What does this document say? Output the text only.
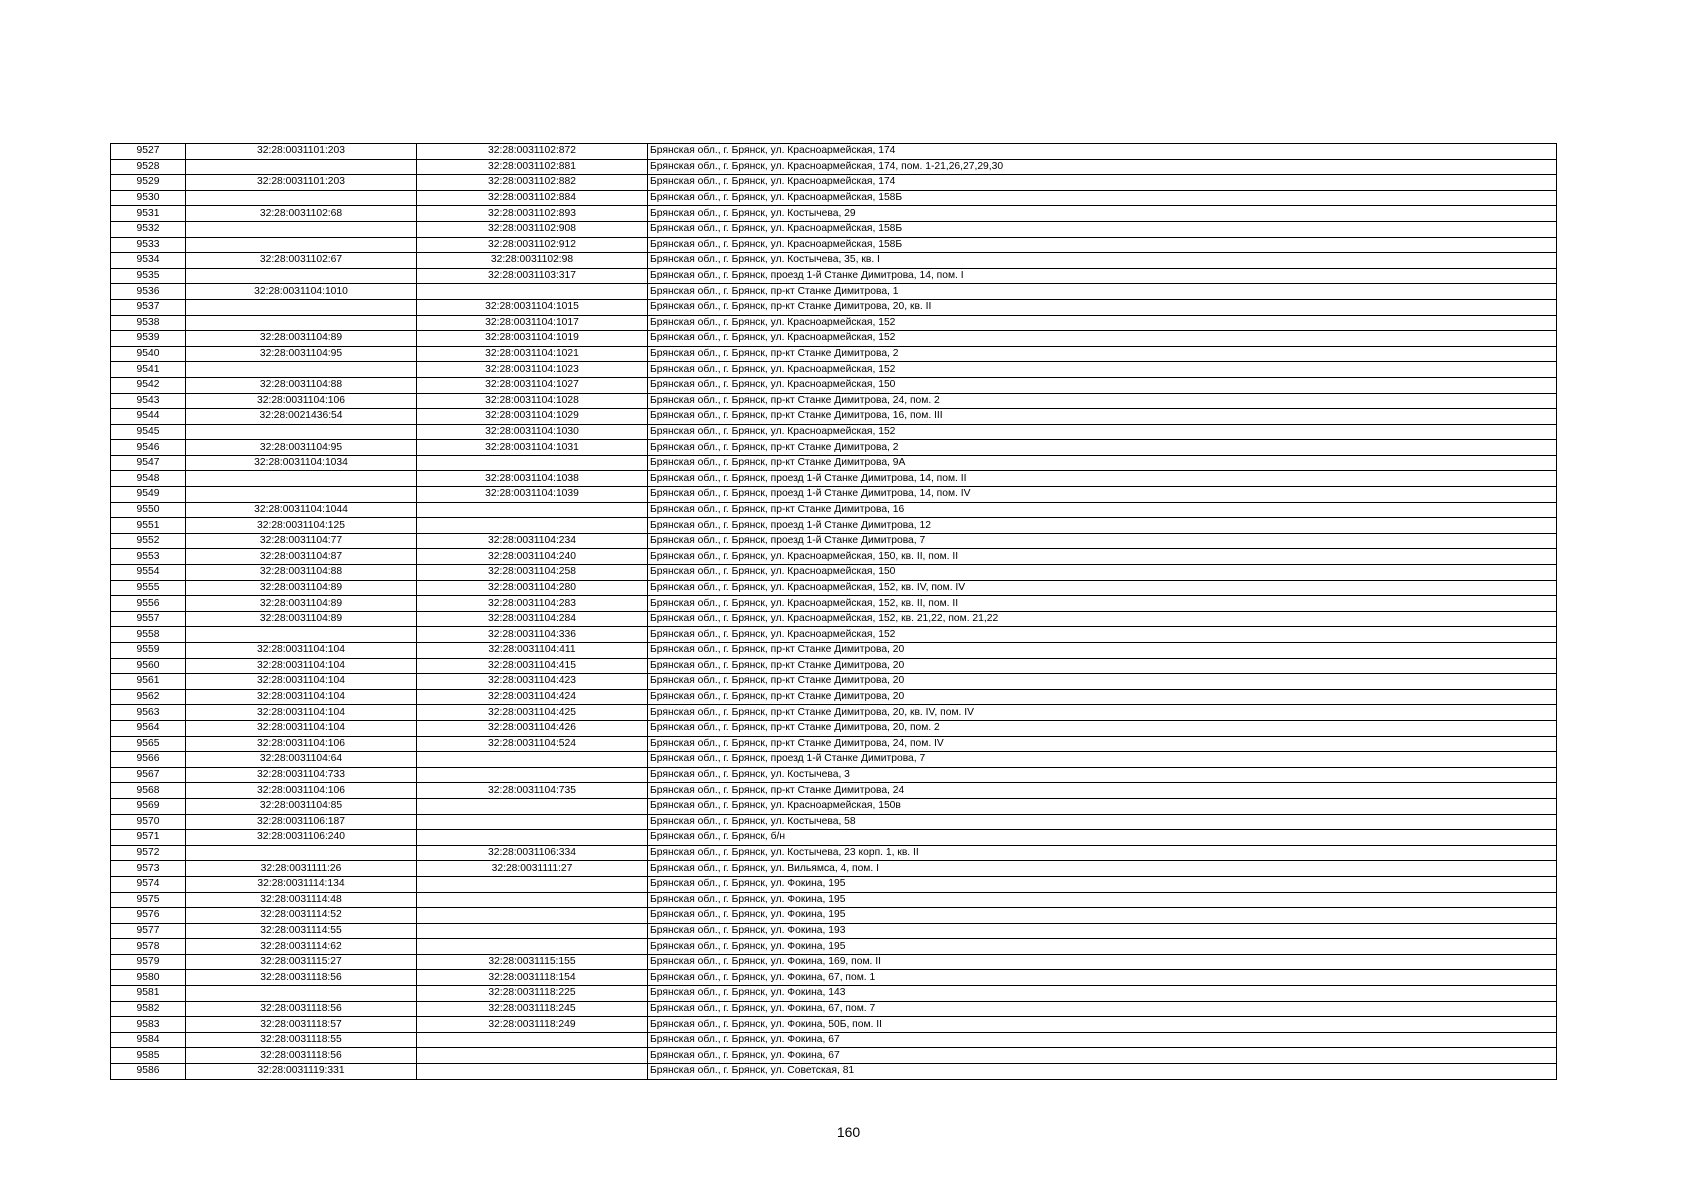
9527	32:28:0031101:203	32:28:0031102:872	Брянская обл., г. Брянск, ул. Красноармейская, 174
9528		32:28:0031102:881	Брянская обл., г. Брянск, ул. Красноармейская, 174, пом. 1-21,26,27,29,30
9529	32:28:0031101:203	32:28:0031102:882	Брянская обл., г. Брянск, ул. Красноармейская, 174
9530		32:28:0031102:884	Брянская обл., г. Брянск, ул. Красноармейская, 158Б
9531	32:28:0031102:68	32:28:0031102:893	Брянская обл., г. Брянск, ул. Костычева, 29
9532		32:28:0031102:908	Брянская обл., г. Брянск, ул. Красноармейская, 158Б
9533		32:28:0031102:912	Брянская обл., г. Брянск, ул. Красноармейская, 158Б
9534	32:28:0031102:67	32:28:0031102:98	Брянская обл., г. Брянск, ул. Костычева, 35, кв. I
9535		32:28:0031103:317	Брянская обл., г. Брянск, проезд 1-й Станке Димитрова, 14, пом. I
9536	32:28:0031104:1010		Брянская обл., г. Брянск, пр-кт Станке Димитрова, 1
9537		32:28:0031104:1015	Брянская обл., г. Брянск, пр-кт Станке Димитрова, 20, кв. II
9538		32:28:0031104:1017	Брянская обл., г. Брянск, ул. Красноармейская, 152
9539	32:28:0031104:89	32:28:0031104:1019	Брянская обл., г. Брянск, ул. Красноармейская, 152
9540	32:28:0031104:95	32:28:0031104:1021	Брянская обл., г. Брянск, пр-кт Станке Димитрова, 2
9541		32:28:0031104:1023	Брянская обл., г. Брянск, ул. Красноармейская, 152
9542	32:28:0031104:88	32:28:0031104:1027	Брянская обл., г. Брянск, ул. Красноармейская, 150
9543	32:28:0031104:106	32:28:0031104:1028	Брянская обл., г. Брянск, пр-кт Станке Димитрова, 24, пом. 2
9544	32:28:0021436:54	32:28:0031104:1029	Брянская обл., г. Брянск, пр-кт Станке Димитрова, 16, пом. III
9545		32:28:0031104:1030	Брянская обл., г. Брянск, ул. Красноармейская, 152
9546	32:28:0031104:95	32:28:0031104:1031	Брянская обл., г. Брянск, пр-кт Станке Димитрова, 2
9547	32:28:0031104:1034		Брянская обл., г. Брянск, пр-кт Станке Димитрова, 9А
9548		32:28:0031104:1038	Брянская обл., г. Брянск, проезд 1-й Станке Димитрова, 14, пом. II
9549		32:28:0031104:1039	Брянская обл., г. Брянск, проезд 1-й Станке Димитрова, 14, пом. IV
9550	32:28:0031104:1044		Брянская обл., г. Брянск, пр-кт Станке Димитрова, 16
9551	32:28:0031104:125		Брянская обл., г. Брянск, проезд 1-й Станке Димитрова, 12
9552	32:28:0031104:77	32:28:0031104:234	Брянская обл., г. Брянск, проезд 1-й Станке Димитрова, 7
9553	32:28:0031104:87	32:28:0031104:240	Брянская обл., г. Брянск, ул. Красноармейская, 150, кв. II, пом. II
9554	32:28:0031104:88	32:28:0031104:258	Брянская обл., г. Брянск, ул. Красноармейская, 150
9555	32:28:0031104:89	32:28:0031104:280	Брянская обл., г. Брянск, ул. Красноармейская, 152, кв. IV, пом. IV
9556	32:28:0031104:89	32:28:0031104:283	Брянская обл., г. Брянск, ул. Красноармейская, 152, кв. II, пом. II
9557	32:28:0031104:89	32:28:0031104:284	Брянская обл., г. Брянск, ул. Красноармейская, 152, кв. 21,22, пом. 21,22
9558		32:28:0031104:336	Брянская обл., г. Брянск, ул. Красноармейская, 152
9559	32:28:0031104:104	32:28:0031104:411	Брянская обл., г. Брянск, пр-кт Станке Димитрова, 20
9560	32:28:0031104:104	32:28:0031104:415	Брянская обл., г. Брянск, пр-кт Станке Димитрова, 20
9561	32:28:0031104:104	32:28:0031104:423	Брянская обл., г. Брянск, пр-кт Станке Димитрова, 20
9562	32:28:0031104:104	32:28:0031104:424	Брянская обл., г. Брянск, пр-кт Станке Димитрова, 20
9563	32:28:0031104:104	32:28:0031104:425	Брянская обл., г. Брянск, пр-кт Станке Димитрова, 20, кв. IV, пом. IV
9564	32:28:0031104:104	32:28:0031104:426	Брянская обл., г. Брянск, пр-кт Станке Димитрова, 20, пом. 2
9565	32:28:0031104:106	32:28:0031104:524	Брянская обл., г. Брянск, пр-кт Станке Димитрова, 24, пом. IV
9566	32:28:0031104:64		Брянская обл., г. Брянск, проезд 1-й Станке Димитрова, 7
9567	32:28:0031104:733		Брянская обл., г. Брянск, ул. Костычева, 3
9568	32:28:0031104:106	32:28:0031104:735	Брянская обл., г. Брянск, пр-кт Станке Димитрова, 24
9569	32:28:0031104:85		Брянская обл., г. Брянск, ул. Красноармейская, 150в
9570	32:28:0031106:187		Брянская обл., г. Брянск, ул. Костычева, 58
9571	32:28:0031106:240		Брянская обл., г. Брянск, б/н
9572		32:28:0031106:334	Брянская обл., г. Брянск, ул. Костычева, 23 корп. 1, кв. II
9573	32:28:0031111:26	32:28:0031111:27	Брянская обл., г. Брянск, ул. Вильямса, 4, пом. I
9574	32:28:0031114:134		Брянская обл., г. Брянск, ул. Фокина, 195
9575	32:28:0031114:48		Брянская обл., г. Брянск, ул. Фокина, 195
9576	32:28:0031114:52		Брянская обл., г. Брянск, ул. Фокина, 195
9577	32:28:0031114:55		Брянская обл., г. Брянск, ул. Фокина, 193
9578	32:28:0031114:62		Брянская обл., г. Брянск, ул. Фокина, 195
9579	32:28:0031115:27	32:28:0031115:155	Брянская обл., г. Брянск, ул. Фокина, 169, пом. II
9580	32:28:0031118:56	32:28:0031118:154	Брянская обл., г. Брянск, ул. Фокина, 67, пом. 1
9581		32:28:0031118:225	Брянская обл., г. Брянск, ул. Фокина, 143
9582	32:28:0031118:56	32:28:0031118:245	Брянская обл., г. Брянск, ул. Фокина, 67, пом. 7
9583	32:28:0031118:57	32:28:0031118:249	Брянская обл., г. Брянск, ул. Фокина, 50Б, пом. II
9584	32:28:0031118:55		Брянская обл., г. Брянск, ул. Фокина, 67
9585	32:28:0031118:56		Брянская обл., г. Брянск, ул. Фокина, 67
9586	32:28:0031119:331		Брянская обл., г. Брянск, ул. Советская, 81
160
